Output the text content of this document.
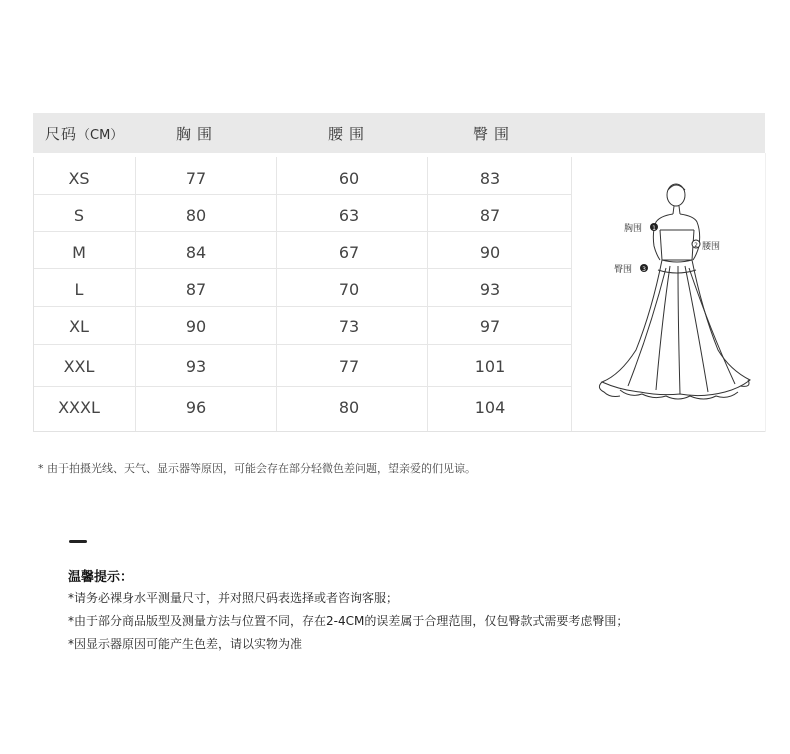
尺码（CM）	胸围	腰围	臀围
XS	77	60	83
S	80	63	87
M	84	67	90
L	87	70	93
XL	90	73	97
XXL	93	77	101
XXXL	96	80	104
1
2
3
胸围
腰围
臀围
* 由于拍摄光线、天气、显示器等原因，可能会存在部分轻微色差问题，望亲爱的们见谅。
温馨提示：
*请务必裸身水平测量尺寸，并对照尺码表选择或者咨询客服；
*由于部分商品版型及测量方法与位置不同，存在2-4CM的误差属于合理范围，仅包臀款式需要考虑臀围；
*因显示器原因可能产生色差，请以实物为准
